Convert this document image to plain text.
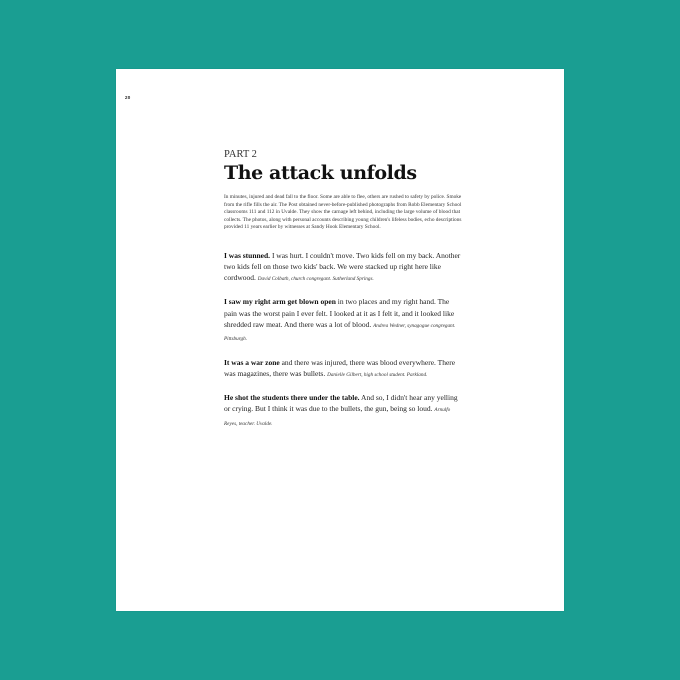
20

PART 2

The attack unfolds

In minutes, injured and dead fall to the floor. Some are able to flee, others are rushed to safety by police. Smoke from the rifle fills the air. The Post obtained never-before-published photographs from Robb Elementary School classrooms 111 and 112 in Uvalde. They show the carnage left behind, including the large volume of blood that collects. The photos, along with personal accounts describing young children's lifeless bodies, echo descriptions provided 11 years earlier by witnesses at Sandy Hook Elementary School.

I was stunned. I was hurt. I couldn't move. Two kids fell on my back. Another two kids fell on those two kids' back. We were stacked up right here like cordwood. David Colbath, church congregant. Sutherland Springs.

I saw my right arm get blown open in two places and my right hand. The pain was the worst pain I ever felt. I looked at it as I felt it, and it looked like shredded raw meat. And there was a lot of blood. Andrea Wedner, synagogue congregant. Pittsburgh.

It was a war zone and there was injured, there was blood everywhere. There was magazines, there was bullets. Danielle Gilbert, high school student. Parkland.

He shot the students there under the table. And so, I didn't hear any yelling or crying. But I think it was due to the bullets, the gun, being so loud. Arnulfo Reyes, teacher. Uvalde.
